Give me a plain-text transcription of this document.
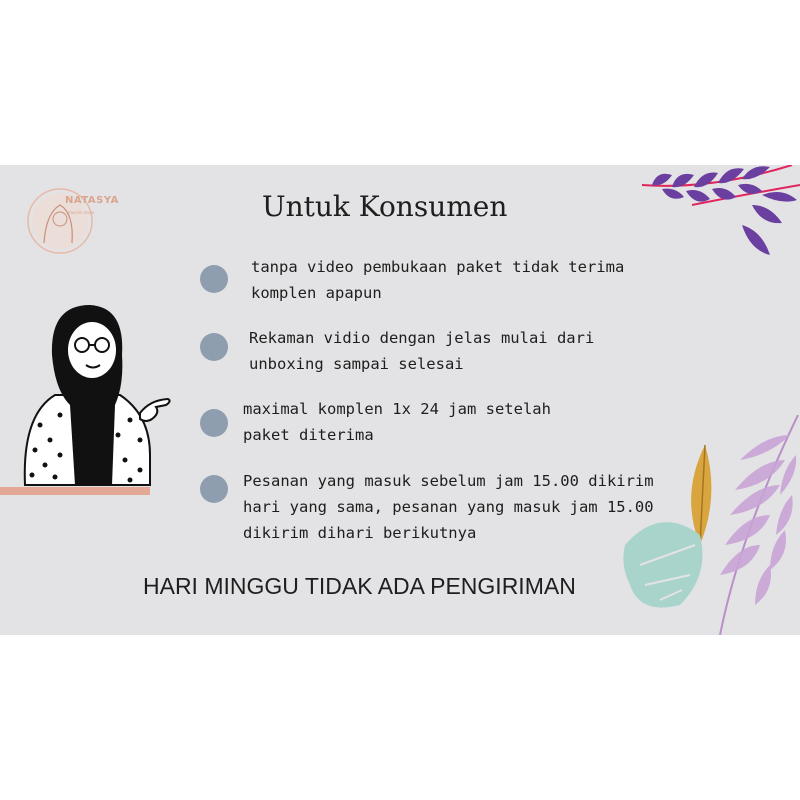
NATASYA
muslim store	Untuk Konsumen
tanpa video pembukaan paket tidak terima
komplen apapun
Rekaman vidio dengan jelas mulai dari
unboxing sampai selesai
maximal komplen 1x 24 jam setelah
paket diterima
Pesanan yang masuk sebelum jam 15.00 dikirim
hari yang sama, pesanan yang masuk jam 15.00
dikirim dihari berikutnya
HARI MINGGU TIDAK ADA PENGIRIMAN
